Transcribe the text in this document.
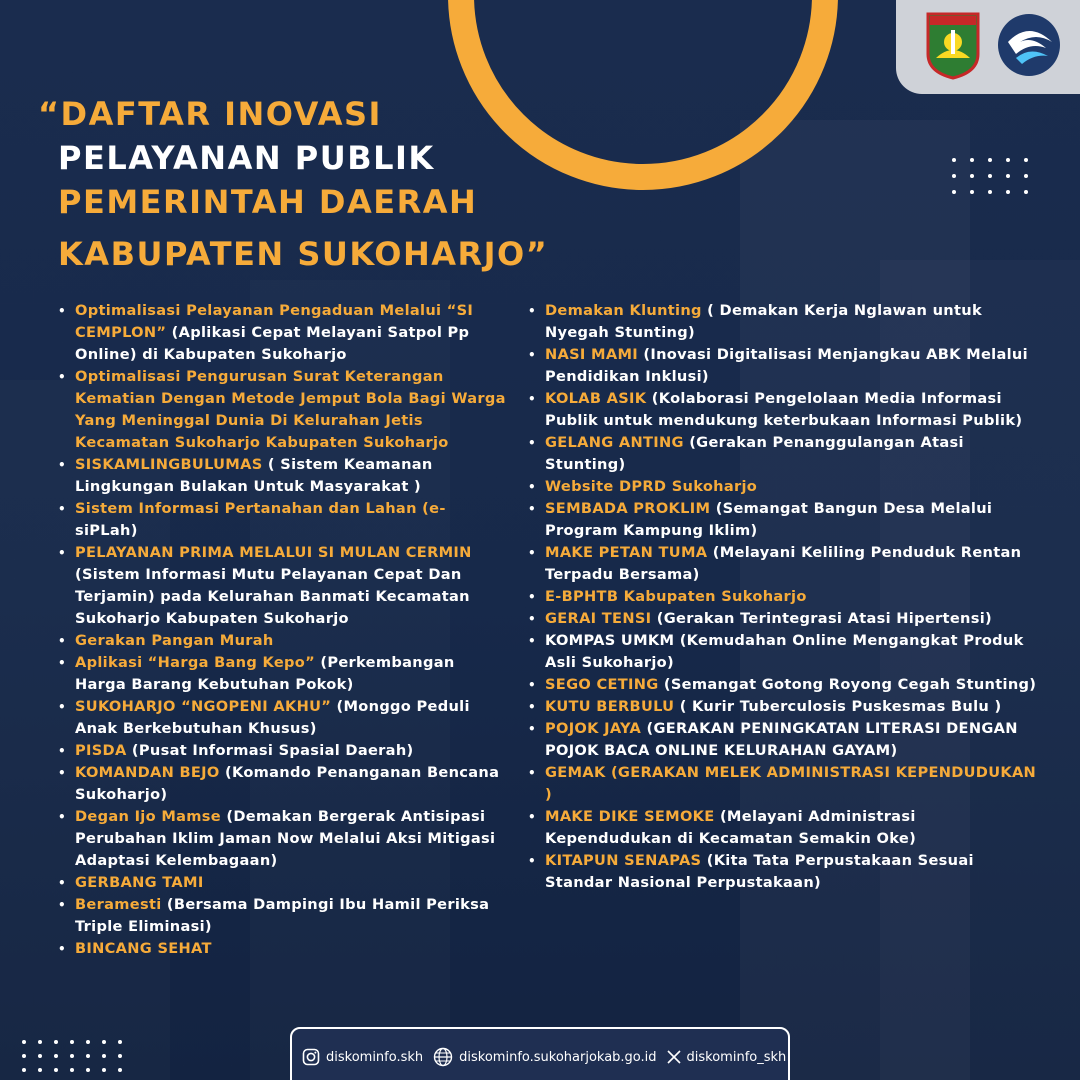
“DAFTAR INOVASI
PELAYANAN PUBLIK
PEMERINTAH DAERAH
KABUPATEN SUKOHARJO”
• Optimalisasi Pelayanan Pengaduan Melalui “SI CEMPLON” (Aplikasi Cepat Melayani Satpol Pp Online) di Kabupaten Sukoharjo
• Optimalisasi Pengurusan Surat Keterangan Kematian Dengan Metode Jemput Bola Bagi Warga Yang Meninggal Dunia Di Kelurahan Jetis Kecamatan Sukoharjo Kabupaten Sukoharjo
• SISKAMLINGBULUMAS ( Sistem Keamanan Lingkungan Bulakan Untuk Masyarakat )
• Sistem Informasi Pertanahan dan Lahan (e-siPLah)
• PELAYANAN PRIMA MELALUI SI MULAN CERMIN (Sistem Informasi Mutu Pelayanan Cepat Dan Terjamin) pada Kelurahan Banmati Kecamatan Sukoharjo Kabupaten Sukoharjo
• Gerakan Pangan Murah
• Aplikasi “Harga Bang Kepo” (Perkembangan Harga Barang Kebutuhan Pokok)
• SUKOHARJO “NGOPENI AKHU” (Monggo Peduli Anak Berkebutuhan Khusus)
• PISDA (Pusat Informasi Spasial Daerah)
• KOMANDAN BEJO (Komando Penanganan Bencana Sukoharjo)
• Degan Ijo Mamse (Demakan Bergerak Antisipasi Perubahan Iklim Jaman Now Melalui Aksi Mitigasi Adaptasi Kelembagaan)
• GERBANG TAMI
• Beramesti (Bersama Dampingi Ibu Hamil Periksa Triple Eliminasi)
• BINCANG SEHAT
• Demakan Klunting ( Demakan Kerja Nglawan untuk Nyegah Stunting)
• NASI MAMI (Inovasi Digitalisasi Menjangkau ABK Melalui Pendidikan Inklusi)
• KOLAB ASIK (Kolaborasi Pengelolaan Media Informasi Publik untuk mendukung keterbukaan Informasi Publik)
• GELANG ANTING (Gerakan Penanggulangan Atasi Stunting)
• Website DPRD Sukoharjo
• SEMBADA PROKLIM (Semangat Bangun Desa Melalui Program Kampung Iklim)
• MAKE PETAN TUMA (Melayani Keliling Penduduk Rentan Terpadu Bersama)
• E-BPHTB Kabupaten Sukoharjo
• GERAI TENSI (Gerakan Terintegrasi Atasi Hipertensi)
• KOMPAS UMKM (Kemudahan Online Mengangkat Produk Asli Sukoharjo)
• SEGO CETING (Semangat Gotong Royong Cegah Stunting)
• KUTU BERBULU ( Kurir Tuberculosis Puskesmas Bulu )
• POJOK JAYA (GERAKAN PENINGKATAN LITERASI DENGAN POJOK BACA ONLINE KELURAHAN GAYAM)
• GEMAK (GERAKAN MELEK ADMINISTRASI KEPENDUDUKAN )
• MAKE DIKE SEMOKE (Melayani Administrasi Kependudukan di Kecamatan Semakin Oke)
• KITAPUN SENAPAS (Kita Tata Perpustakaan Sesuai Standar Nasional Perpustakaan)
diskominfo.skh	diskominfo.sukoharjokab.go.id diskominfo_skh
